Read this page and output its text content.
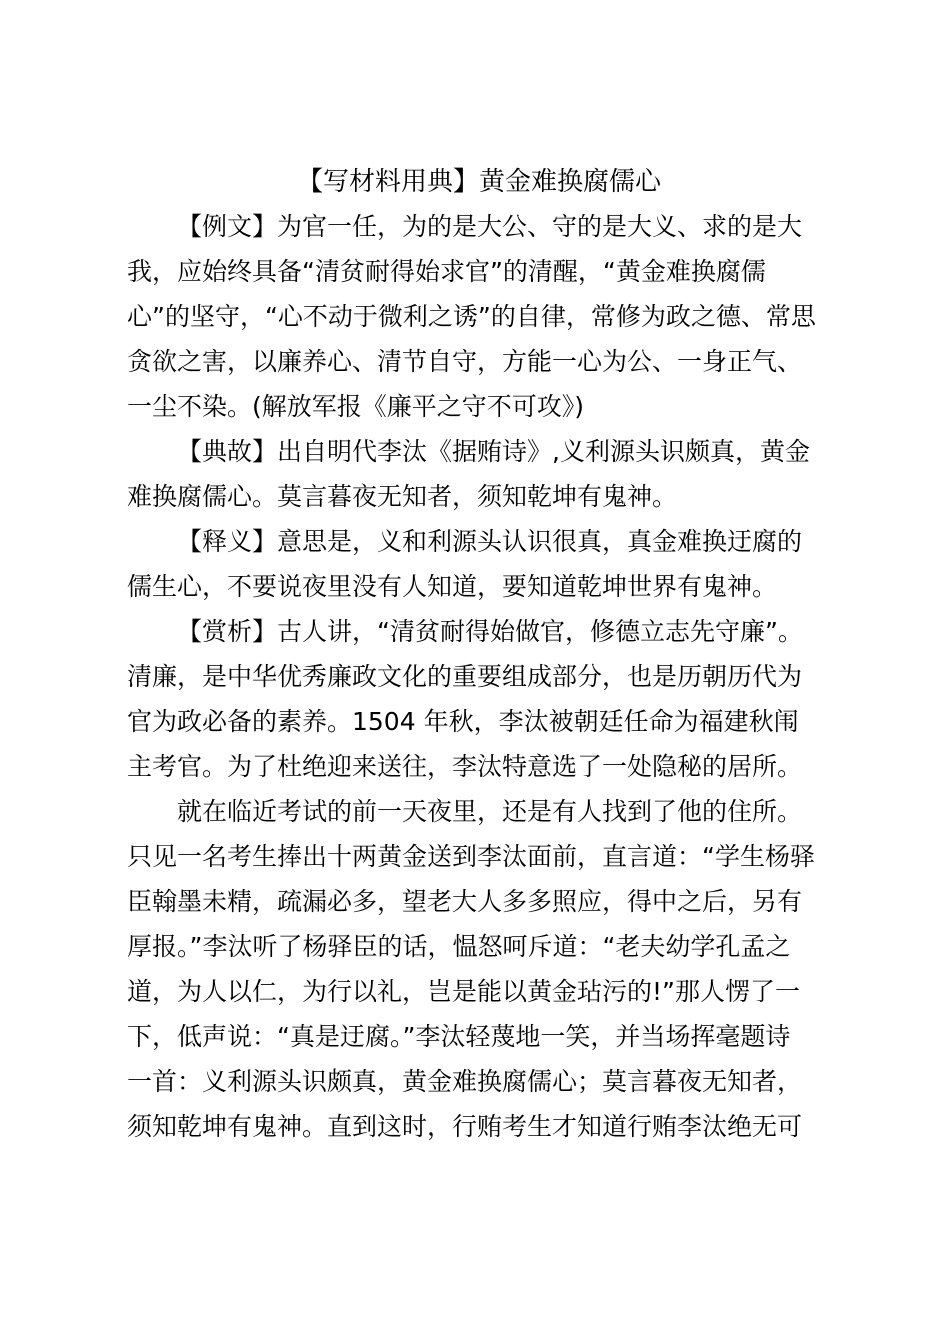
【写材料用典】黄金难换腐儒心
【例文】为官一任，为的是大公、守的是大义、求的是大
我，应始终具备“清贫耐得始求官”的清醒，“黄金难换腐儒
心”的坚守，“心不动于微利之诱”的自律，常修为政之德、常思
贪欲之害，以廉养心、清节自守，方能一心为公、一身正气、
一尘不染。(解放军报《廉平之守不可攻》)
【典故】出自明代李汰《据贿诗》,义利源头识颇真，黄金
难换腐儒心。莫言暮夜无知者，须知乾坤有鬼神。
【释义】意思是，义和利源头认识很真，真金难换迂腐的
儒生心，不要说夜里没有人知道，要知道乾坤世界有鬼神。
【赏析】古人讲，“清贫耐得始做官，修德立志先守廉”。
清廉，是中华优秀廉政文化的重要组成部分，也是历朝历代为
官为政必备的素养。1504 年秋，李汰被朝廷任命为福建秋闱
主考官。为了杜绝迎来送往，李汰特意选了一处隐秘的居所。
就在临近考试的前一天夜里，还是有人找到了他的住所。
只见一名考生捧出十两黄金送到李汰面前，直言道：“学生杨驿
臣翰墨未精，疏漏必多，望老大人多多照应，得中之后，另有
厚报。”李汰听了杨驿臣的话，愠怒呵斥道：“老夫幼学孔孟之
道，为人以仁，为行以礼，岂是能以黄金玷污的!”那人愣了一
下，低声说：“真是迂腐。”李汰轻蔑地一笑，并当场挥毫题诗
一首：义利源头识颇真，黄金难换腐儒心；莫言暮夜无知者，
须知乾坤有鬼神。直到这时，行贿考生才知道行贿李汰绝无可
